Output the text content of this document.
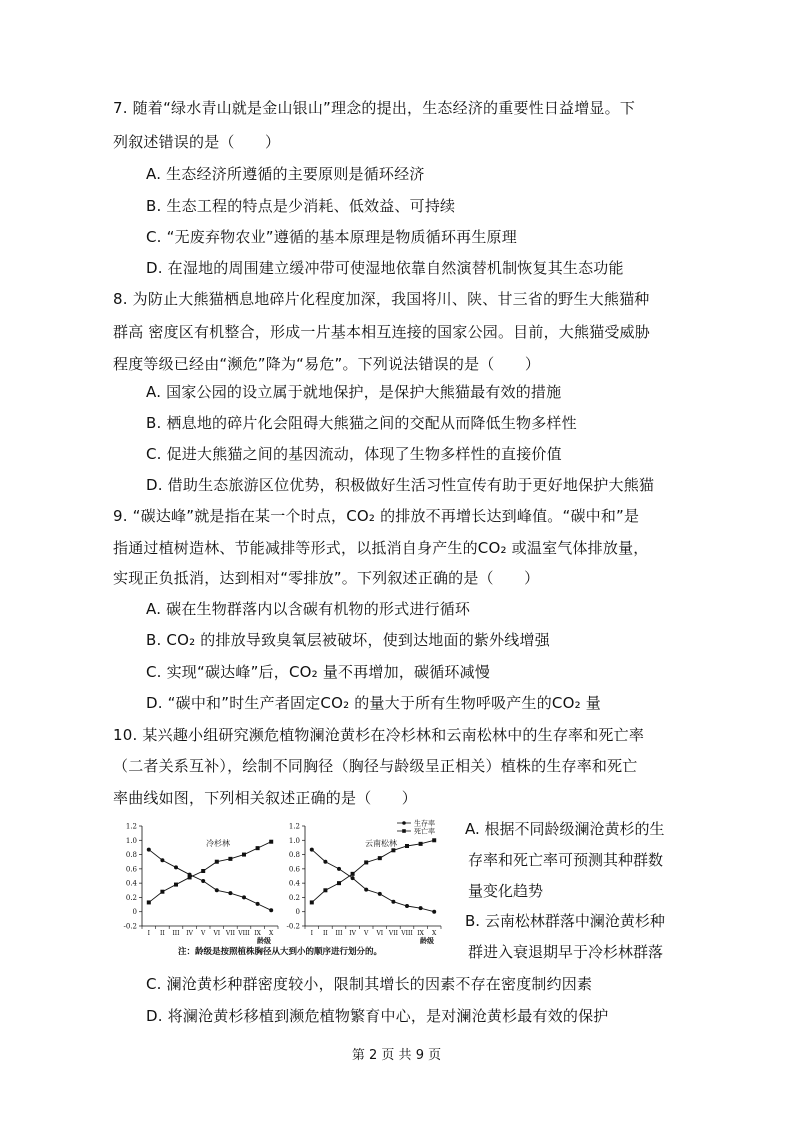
7. 随着“绿水青山就是金山银山”理念的提出，生态经济的重要性日益增显。下
列叙述错误的是（　　）
A. 生态经济所遵循的主要原则是循环经济
B. 生态工程的特点是少消耗、低效益、可持续
C. “无废弃物农业”遵循的基本原理是物质循环再生原理
D. 在湿地的周围建立缓冲带可使湿地依靠自然演替机制恢复其生态功能
8. 为防止大熊猫栖息地碎片化程度加深，我国将川、陕、甘三省的野生大熊猫种
群高 密度区有机整合，形成一片基本相互连接的国家公园。目前，大熊猫受威胁
程度等级已经由“濒危”降为“易危”。下列说法错误的是（　　）
A. 国家公园的设立属于就地保护，是保护大熊猫最有效的措施
B. 栖息地的碎片化会阻碍大熊猫之间的交配从而降低生物多样性
C. 促进大熊猫之间的基因流动，体现了生物多样性的直接价值
D. 借助生态旅游区位优势，积极做好生活习性宣传有助于更好地保护大熊猫
9. “碳达峰”就是指在某一个时点，CO₂ 的排放不再增长达到峰值。“碳中和”是
指通过植树造林、节能减排等形式，以抵消自身产生的CO₂ 或温室气体排放量，
实现正负抵消，达到相对“零排放”。下列叙述正确的是（　　）
A. 碳在生物群落内以含碳有机物的形式进行循环
B. CO₂ 的排放导致臭氧层被破坏，使到达地面的紫外线增强
C. 实现“碳达峰”后，CO₂ 量不再增加，碳循环减慢
D. “碳中和”时生产者固定CO₂ 的量大于所有生物呼吸产生的CO₂ 量
10. 某兴趣小组研究濒危植物澜沧黄杉在冷杉林和云南松林中的生存率和死亡率
（二者关系互补），绘制不同胸径（胸径与龄级呈正相关）植株的生存率和死亡
率曲线如图，下列相关叙述正确的是（　　）
1.2
1.0
0.8
0.6
0.4
0.2
0
-0.2
I II III IV V VI VII VIII IX X
龄级
冷杉林
1.2
1.0
0.8
0.6
0.4
0.2
0
-0.2
I II III IV V VI VII VIII IX X
龄级
云南松林
生存率
死亡率
注：龄级是按照植株胸径从大到小的顺序进行划分的。
A. 根据不同龄级澜沧黄杉的生
存率和死亡率可预测其种群数
量变化趋势
B. 云南松林群落中澜沧黄杉种
群进入衰退期早于冷杉林群落
C. 澜沧黄杉种群密度较小，限制其增长的因素不存在密度制约因素
D. 将澜沧黄杉移植到濒危植物繁育中心，是对澜沧黄杉最有效的保护
第 2 页 共 9 页
